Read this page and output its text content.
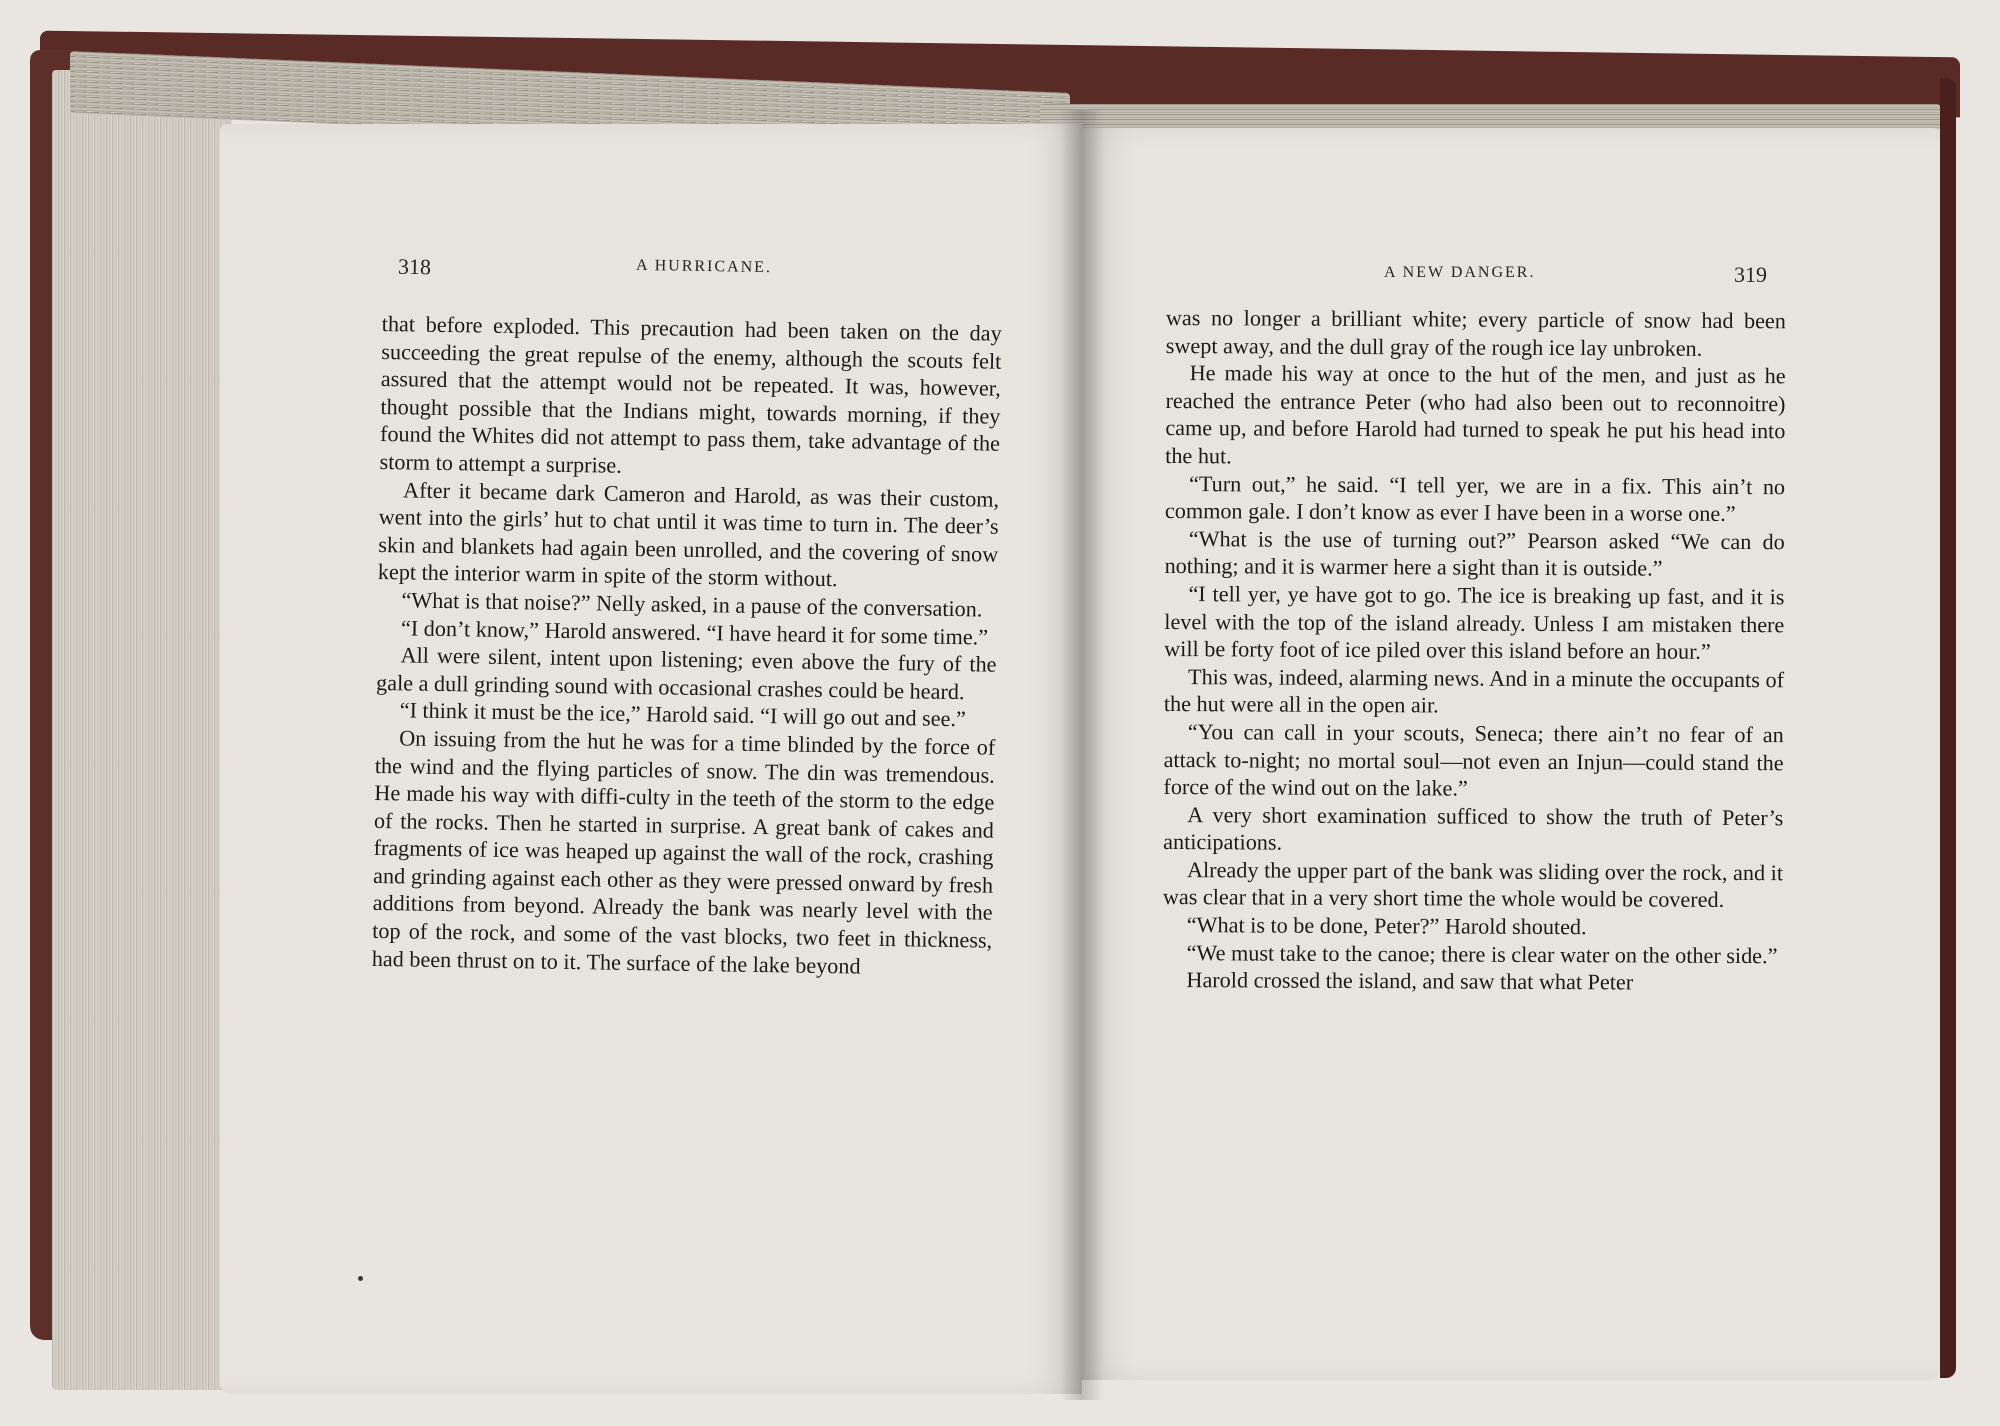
318	A HURRICANE.	A NEW DANGER.	319

that before exploded. This precaution had been taken on the day succeeding the great repulse of the enemy, although the scouts felt assured that the attempt would not be repeated. It was, however, thought possible that the Indians might, towards morning, if they found the Whites did not attempt to pass them, take advantage of the storm to attempt a surprise.

After it became dark Cameron and Harold, as was their custom, went into the girls’ hut to chat until it was time to turn in. The deer’s skin and blankets had again been unrolled, and the covering of snow kept the interior warm in spite of the storm without.

“What is that noise?” Nelly asked, in a pause of the conversation.

“I don’t know,” Harold answered. “I have heard it for some time.”

All were silent, intent upon listening; even above the fury of the gale a dull grinding sound with occasional crashes could be heard.

“I think it must be the ice,” Harold said. “I will go out and see.”

On issuing from the hut he was for a time blinded by the force of the wind and the flying particles of snow. The din was tremendous. He made his way with diffi-culty in the teeth of the storm to the edge of the rocks. Then he started in surprise. A great bank of cakes and fragments of ice was heaped up against the wall of the rock, crashing and grinding against each other as they were pressed onward by fresh additions from beyond. Already the bank was nearly level with the top of the rock, and some of the vast blocks, two feet in thickness, had been thrust on to it. The surface of the lake beyond

was no longer a brilliant white; every particle of snow had been swept away, and the dull gray of the rough ice lay unbroken.

He made his way at once to the hut of the men, and just as he reached the entrance Peter (who had also been out to reconnoitre) came up, and before Harold had turned to speak he put his head into the hut.

“Turn out,” he said. “I tell yer, we are in a fix. This ain’t no common gale. I don’t know as ever I have been in a worse one.”

“What is the use of turning out?” Pearson asked “We can do nothing; and it is warmer here a sight than it is outside.”

“I tell yer, ye have got to go. The ice is breaking up fast, and it is level with the top of the island already. Unless I am mistaken there will be forty foot of ice piled over this island before an hour.”

This was, indeed, alarming news. And in a minute the occupants of the hut were all in the open air.

“You can call in your scouts, Seneca; there ain’t no fear of an attack to-night; no mortal soul—not even an Injun—could stand the force of the wind out on the lake.”

A very short examination sufficed to show the truth of Peter’s anticipations.

Already the upper part of the bank was sliding over the rock, and it was clear that in a very short time the whole would be covered.

“What is to be done, Peter?” Harold shouted.

“We must take to the canoe; there is clear water on the other side.”

Harold crossed the island, and saw that what Peter
